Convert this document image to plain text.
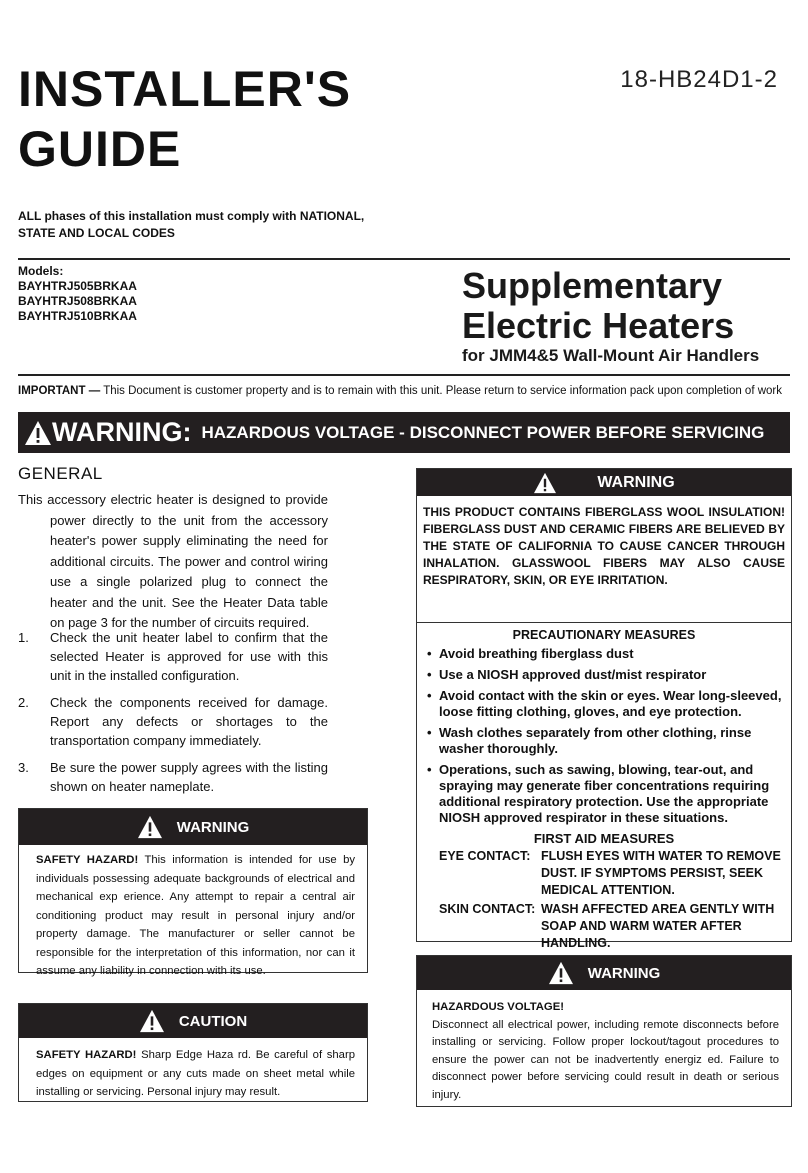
INSTALLER'S
GUIDE
18-HB24D1-2
ALL phases of this installation must comply with NATIONAL,
STATE AND LOCAL CODES
Models:
BAYHTRJ505BRKAA
BAYHTRJ508BRKAA
BAYHTRJ510BRKAA
Supplementary
Electric Heaters
for JMM4&5 Wall-Mount Air Handlers
IMPORTANT — This Document is customer property and is to remain with this unit. Please return to service information pack upon completion of work
WARNING: HAZARDOUS VOLTAGE - DISCONNECT POWER BEFORE SERVICING
GENERAL
This accessory electric heater is designed to provide power directly to the unit from the accessory heater's power supply eliminating the need for additional circuits. The power and control wiring use a single polarized plug to connect the heater and the unit. See the Heater Data table on page 3 for the number of circuits required.
1.	Check the unit heater label to confirm that the selected Heater is approved for use with this unit in the installed configuration.
2.	Check the components received for damage. Report any defects or shortages to the transportation company immediately.
3.	Be sure the power supply agrees with the listing shown on heater nameplate.
WARNING
SAFETY HAZARD! This information is intended for use by individuals possessing adequate backgrounds of electrical and mechanical exp erience. Any attempt to repair a central air conditioning product may result in personal injury and/or property damage. The manufacturer or seller cannot be responsible for the interpretation of this information, nor can it assume any liability in connection with its use.
CAUTION
SAFETY HAZARD! Sharp Edge Haza rd. Be careful of sharp edges on equipment or any cuts made on sheet metal while installing or servicing. Personal injury may result.
WARNING
THIS PRODUCT CONTAINS FIBERGLASS WOOL INSULATION! FIBERGLASS DUST AND CERAMIC FIBERS ARE BELIEVED BY THE STATE OF CALIFORNIA TO CAUSE CANCER THROUGH INHALATION. GLASSWOOL FIBERS MAY ALSO CAUSE RESPIRATORY, SKIN, OR EYE IRRITATION.
PRECAUTIONARY MEASURES
• Avoid breathing fiberglass dust
• Use a NIOSH approved dust/mist respirator
• Avoid contact with the skin or eyes. Wear long-sleeved, loose fitting clothing, gloves, and eye protection.
• Wash clothes separately from other clothing, rinse washer thoroughly.
• Operations, such as sawing, blowing, tear-out, and spraying may generate fiber concentrations requiring additional respiratory protection. Use the appropriate NIOSH approved respirator in these situations.
FIRST AID MEASURES
EYE CONTACT: FLUSH EYES WITH WATER TO REMOVE DUST. IF SYMPTOMS PERSIST, SEEK MEDICAL ATTENTION.
SKIN CONTACT: WASH AFFECTED AREA GENTLY WITH SOAP AND WARM WATER AFTER HANDLING.
WARNING
HAZARDOUS VOLTAGE!
Disconnect all electrical power, including remote disconnects before installing or servicing. Follow proper lockout/tagout procedures to ensure the power can not be inadvertently energiz ed. Failure to disconnect power before servicing could result in death or serious injury.
